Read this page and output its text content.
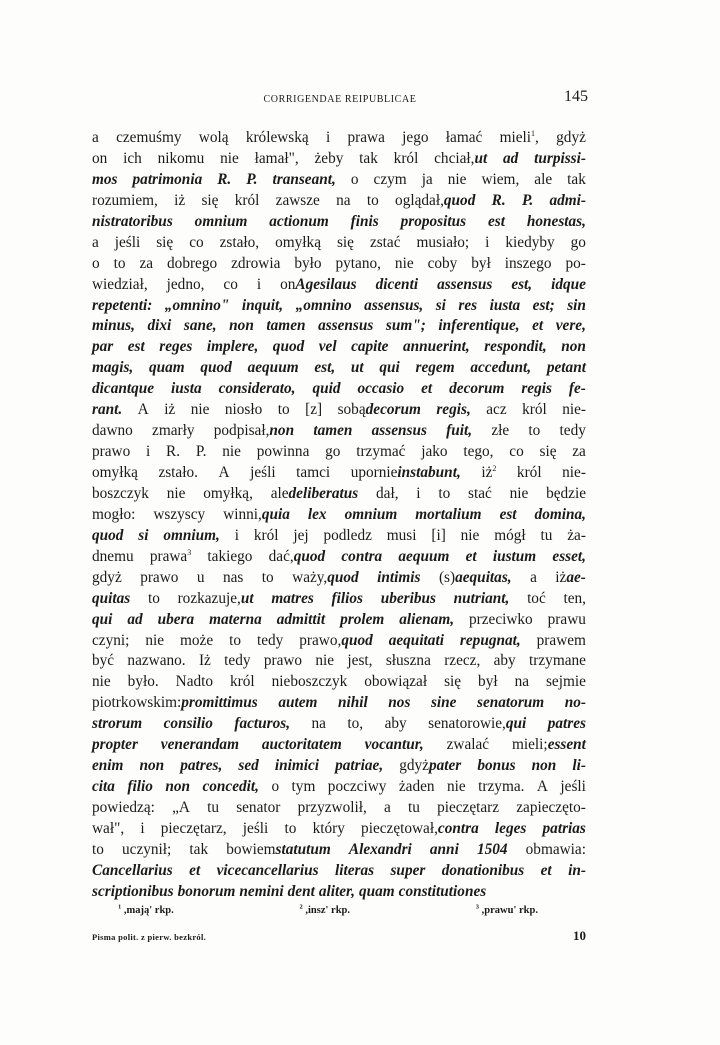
CORRIGENDAE REIPUBLICAE	145
a czemuśmy wolą królewską i prawa jego łamać mieli$^1$, gdyż
on ich nikomu nie łamał", żeby tak król chciał,ut ad turpissi-
mos patrimonia R. P. transeant, o czym ja nie wiem, ale tak
rozumiem, iż się król zawsze na to oglądał,quod R. P. admi-
nistratoribus omnium actionum finis propositus est honestas,
a jeśli się co zstało, omyłką się zstać musiało; i kiedyby go
o to za dobrego zdrowia było pytano, nie coby był inszego po-
wiedział, jedno, co i onAgesilaus dicenti assensus est, idque
repetenti: „omnino" inquit, „omnino assensus, si res iusta est; sin
minus, dixi sane, non tamen assensus sum"; inferentique, et vere,
par est reges implere, quod vel capite annuerint, respondit, non
magis, quam quod aequum est, ut qui regem accedunt, petant
dicantque iusta considerato, quid occasio et decorum regis fe-
rant. A iż nie niosło to [z] sobądecorum regis, acz król nie-
dawno zmarły podpisał,non tamen assensus fuit, złe to tedy
prawo i R. P. nie powinna go trzymać jako tego, co się za
omyłką zstało. A jeśli tamci upornieinstabunt, $iż^2$ król nie-
boszczyk nie omyłką, aledeliberatus dał, i to stać nie będzie
mogło: wszyscy winni,quia lex omnium mortalium est domina,
quod si omnium, i król jej podledz musi [i] nie mógł tu ża-
dnemu prawa$^3$ takiego dać,quod contra aequum et iustum esset,
gdyż prawo u nas to waży,quod intimis (s)aequitas, a iżae-
quitas to rozkazuje,ut matres filios uberibus nutriant, toć ten,
qui ad ubera materna admittit prolem alienam, przeciwko prawu
czyni; nie może to tedy prawo,quod aequitati repugnat, prawem
być nazwano. Iż tedy prawo nie jest, słuszna rzecz, aby trzymane
nie było. Nadto król nieboszczyk obowiązał się był na sejmie
piotrkowskim:promittimus autem nihil nos sine senatorum no-
strorum consilio facturos, na to, aby senatorowie,qui patres
propter venerandam auctoritatem vocantur, zwalać mieli;essent
enim non patres, sed inimici patriae, gdyżpater bonus non li-
cita filio non concedit, o tym poczciwy żaden nie trzyma. A jeśli
powiedzą: „A tu senator przyzwolił, a tu pieczętarz zapieczęto-
wał", i pieczętarz, jeśli to który pieczętował,contra leges patrias
to uczynił; tak bowiemstatutum Alexandri anni 1504 obmawia:
Cancellarius et vicecancellarius literas super donationibus et in-
scriptionibus bonorum nemini dent aliter, quam constitutiones
$^1$ ,mają' rkp.	$^2$ ,insz' rkp.	$^3$ ,prawu' rkp.
Pisma polit. z pierw. bezkról.	10
